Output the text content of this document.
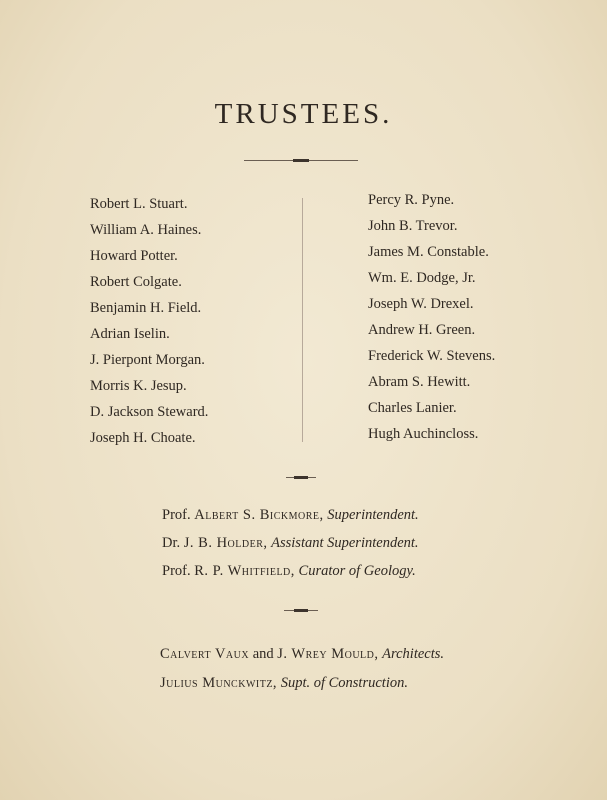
TRUSTEES.
Robert L. Stuart.
William A. Haines.
Howard Potter.
Robert Colgate.
Benjamin H. Field.
Adrian Iselin.
J. Pierpont Morgan.
Morris K. Jesup.
D. Jackson Steward.
Joseph H. Choate.
Percy R. Pyne.
John B. Trevor.
James M. Constable.
Wm. E. Dodge, Jr.
Joseph W. Drexel.
Andrew H. Green.
Frederick W. Stevens.
Abram S. Hewitt.
Charles Lanier.
Hugh Auchincloss.
Prof. Albert S. Bickmore, Superintendent.
Dr. J. B. Holder, Assistant Superintendent.
Prof. R. P. Whitfield, Curator of Geology.
Calvert Vaux and J. Wrey Mould, Architects.
Julius Munckwitz, Supt. of Construction.
